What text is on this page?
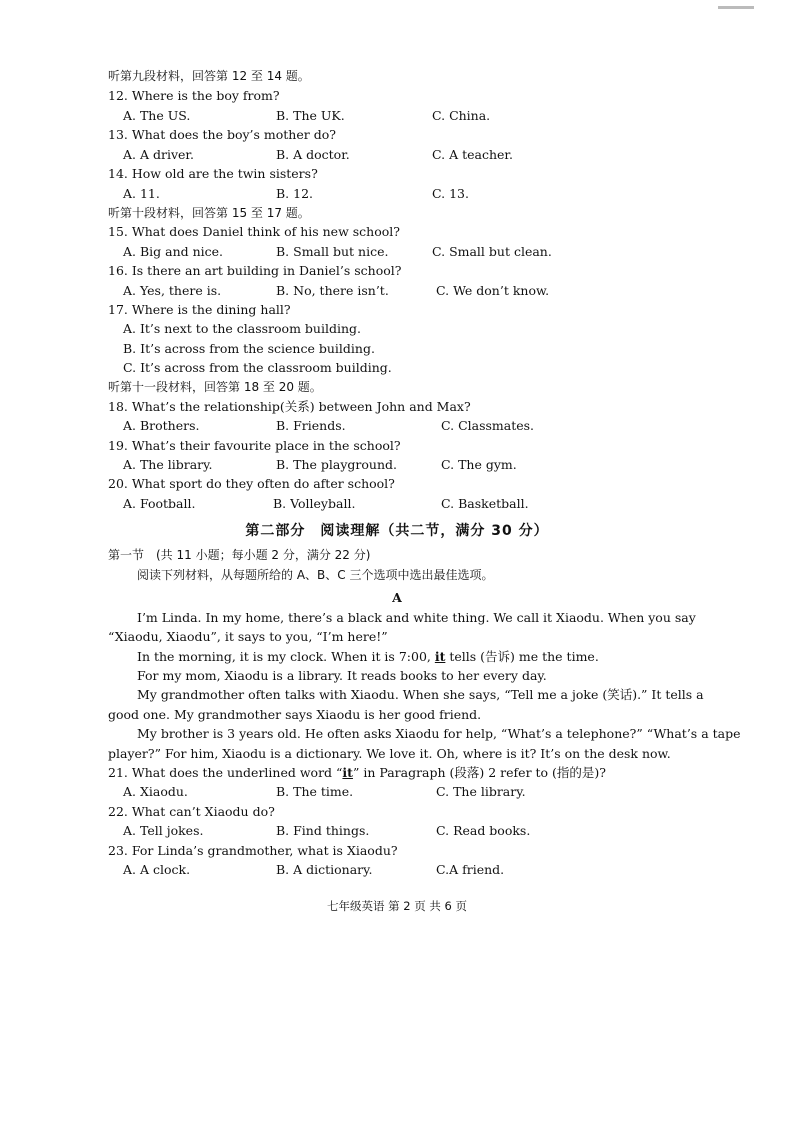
听第九段材料，回答第 12 至 14 题。
12. Where is the boy from?
A. The US.	B. The UK.	C. China.
13. What does the boy’s mother do?
A. A driver.	B. A doctor.	C. A teacher.
14. How old are the twin sisters?
A. 11.	B. 12.	C. 13.
听第十段材料，回答第 15 至 17 题。
15. What does Daniel think of his new school?
A. Big and nice.	B. Small but nice.	C. Small but clean.
16. Is there an art building in Daniel’s school?
A. Yes, there is.	B. No, there isn’t.	C. We don’t know.
17. Where is the dining hall?
A. It’s next to the classroom building.
B. It’s across from the science building.
C. It’s across from the classroom building.
听第十一段材料，回答第 18 至 20 题。
18. What’s the relationship(关系) between John and Max?
A. Brothers.	B. Friends.	C. Classmates.
19. What’s their favourite place in the school?
A. The library.	B. The playground.	C. The gym.
20. What sport do they often do after school?
A. Football.	B. Volleyball.	C. Basketball.
第二部分　阅读理解（共二节，满分 30 分）
第一节　(共 11 小题；每小题 2 分，满分 22 分)
阅读下列材料，从每题所给的 A、B、C 三个选项中选出最佳选项。
A
I’m Linda. In my home, there’s a black and white thing. We call it Xiaodu. When you say
“Xiaodu, Xiaodu”, it says to you, “I’m here!”
In the morning, it is my clock. When it is 7:00, it tells (告诉) me the time.
For my mom, Xiaodu is a library. It reads books to her every day.
My grandmother often talks with Xiaodu. When she says, “Tell me a joke (笑话).” It tells a
good one. My grandmother says Xiaodu is her good friend.
My brother is 3 years old. He often asks Xiaodu for help, “What’s a telephone?” “What’s a tape
player?” For him, Xiaodu is a dictionary. We love it. Oh, where is it? It’s on the desk now.
21. What does the underlined word “it” in Paragraph (段落) 2 refer to (指的是)?
A. Xiaodu.	B. The time.	C. The library.
22. What can’t Xiaodu do?
A. Tell jokes.	B. Find things.	C. Read books.
23. For Linda’s grandmother, what is Xiaodu?
A. A clock.	B. A dictionary.	C.A friend.
七年级英语 第 2 页 共 6 页
